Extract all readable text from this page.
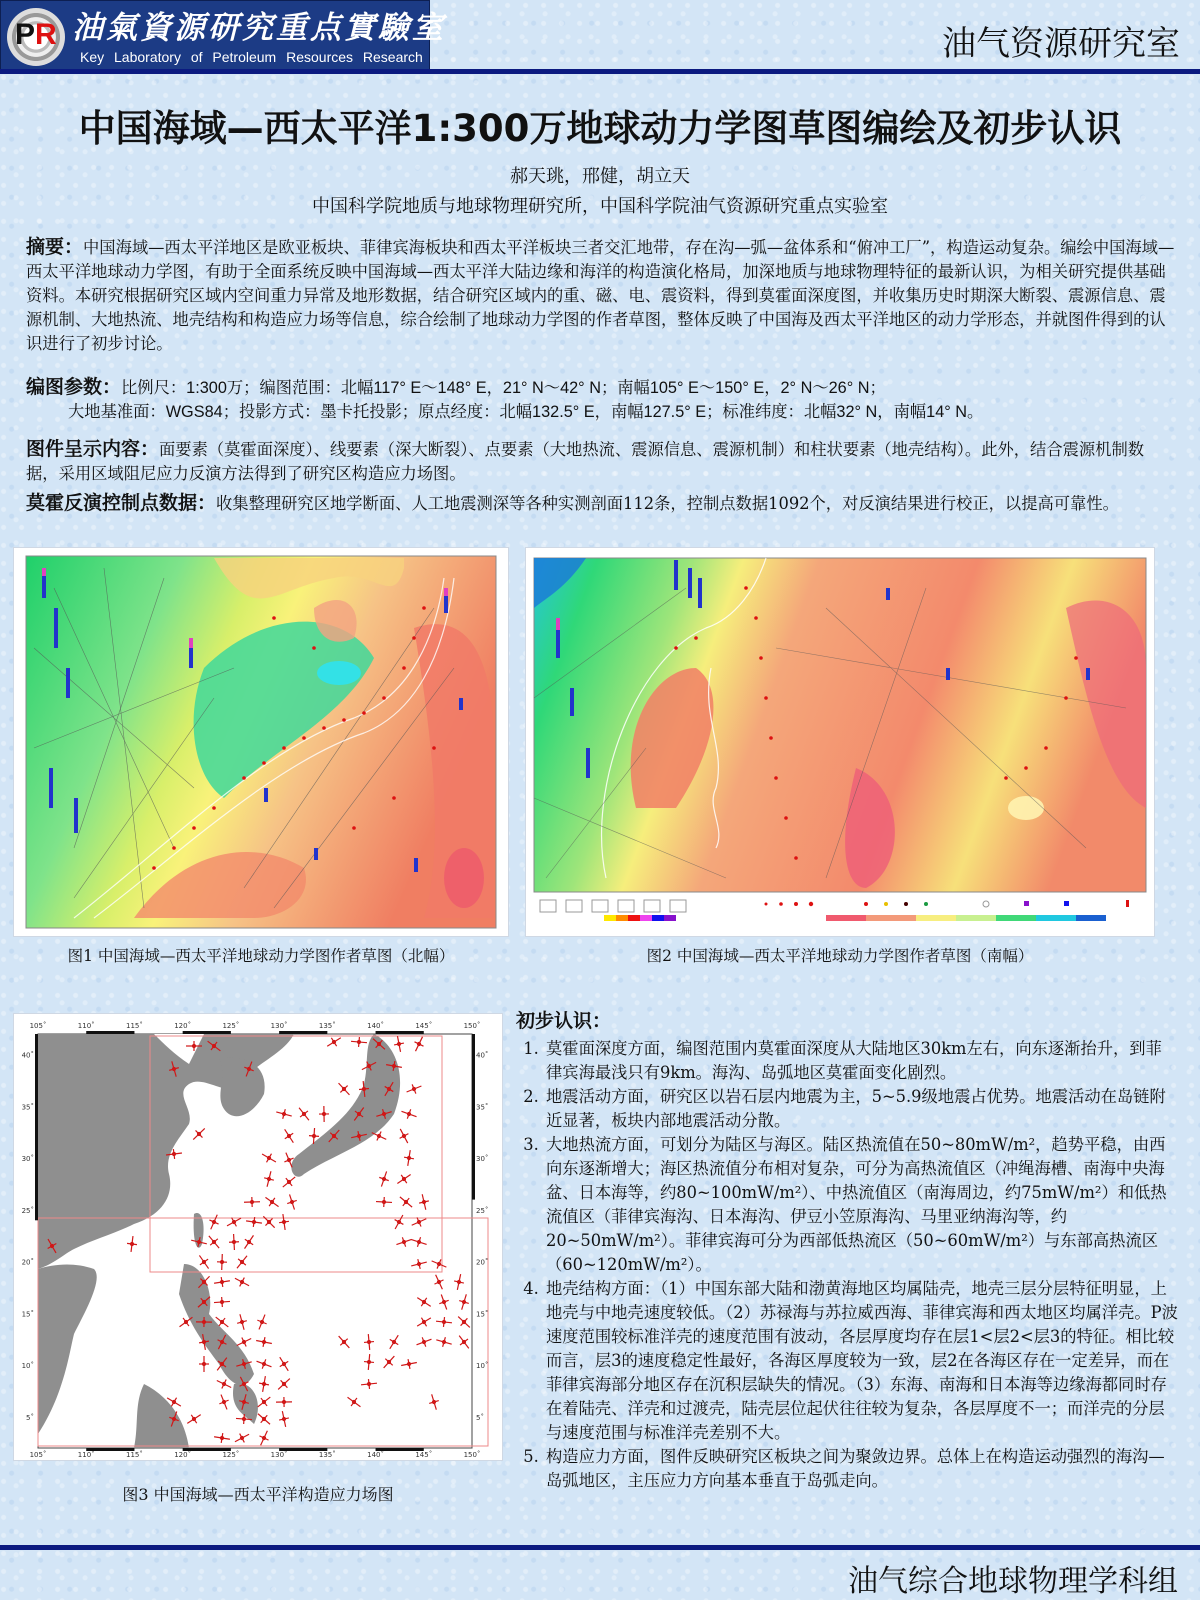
P R 油氣資源研究重点實驗室
Key Laboratory of Petroleum Resources Research	油气资源研究室
中国海域—西太平洋1:300万地球动力学图草图编绘及初步认识
郝天珧，邢健，胡立天
中国科学院地质与地球物理研究所，中国科学院油气资源研究重点实验室
摘要：中国海域—西太平洋地区是欧亚板块、菲律宾海板块和西太平洋板块三者交汇地带，存在沟—弧—盆体系和“俯冲工厂”，构造运动复杂。编绘中国海域—西太平洋地球动力学图，有助于全面系统反映中国海域—西太平洋大陆边缘和海洋的构造演化格局，加深地质与地球物理特征的最新认识，为相关研究提供基础资料。本研究根据研究区域内空间重力异常及地形数据，结合研究区域内的重、磁、电、震资料，得到莫霍面深度图，并收集历史时期深大断裂、震源信息、震源机制、大地热流、地壳结构和构造应力场等信息，综合绘制了地球动力学图的作者草图，整体反映了中国海及西太平洋地区的动力学形态，并就图件得到的认识进行了初步讨论。
编图参数：比例尺：1:300万；编图范围：北幅117° E～148° E，21° N～42° N；南幅105° E～150° E，2° N～26° N；
大地基准面：WGS84；投影方式：墨卡托投影；原点经度：北幅132.5° E，南幅127.5° E；标准纬度：北幅32° N，南幅14° N。
图件呈示内容：面要素（莫霍面深度）、线要素（深大断裂）、点要素（大地热流、震源信息、震源机制）和柱状要素（地壳结构）。此外，结合震源机制数据，采用区域阻尼应力反演方法得到了研究区构造应力场图。
莫霍反演控制点数据：收集整理研究区地学断面、人工地震测深等各种实测剖面112条，控制点数据1092个，对反演结果进行校正，以提高可靠性。
图1 中国海域—西太平洋地球动力学图作者草图（北幅）	图2 中国海域—西太平洋地球动力学图作者草图（南幅）
105˚	110˚	115˚	120˚	125˚	130˚	135˚	140˚	145˚	150˚
105˚	110˚	115˚	120˚	125˚	130˚	135˚	140˚	145˚	150˚
40˚
35˚
30˚
25˚
20˚
15˚
10˚
5˚
40˚
35˚
30˚
25˚
20˚
15˚
10˚
5˚
图3 中国海域—西太平洋构造应力场图
初步认识：
1. 莫霍面深度方面，编图范围内莫霍面深度从大陆地区30km左右，向东逐渐抬升，到菲律宾海最浅只有9km。海沟、岛弧地区莫霍面变化剧烈。
2. 地震活动方面，研究区以岩石层内地震为主，5~5.9级地震占优势。地震活动在岛链附近显著，板块内部地震活动分散。
3. 大地热流方面，可划分为陆区与海区。陆区热流值在50~80mW/m²，趋势平稳，由西向东逐渐增大；海区热流值分布相对复杂，可分为高热流值区（冲绳海槽、南海中央海盆、日本海等，约80~100mW/m²）、中热流值区（南海周边，约75mW/m²）和低热流值区（菲律宾海沟、日本海沟、伊豆小笠原海沟、马里亚纳海沟等，约20~50mW/m²）。菲律宾海可分为西部低热流区（50~60mW/m²）与东部高热流区（60~120mW/m²）。
4. 地壳结构方面：（1）中国东部大陆和渤黄海地区均属陆壳，地壳三层分层特征明显，上地壳与中地壳速度较低。（2）苏禄海与苏拉威西海、菲律宾海和西太地区均属洋壳。P波速度范围较标准洋壳的速度范围有波动，各层厚度均存在层1<层2<层3的特征。相比较而言，层3的速度稳定性最好，各海区厚度较为一致，层2在各海区存在一定差异，而在菲律宾海部分地区存在沉积层缺失的情况。（3）东海、南海和日本海等边缘海都同时存在着陆壳、洋壳和过渡壳，陆壳层位起伏往往较为复杂，各层厚度不一；而洋壳的分层与速度范围与标准洋壳差别不大。
5. 构造应力方面，图件反映研究区板块之间为聚敛边界。总体上在构造运动强烈的海沟—岛弧地区，主压应力方向基本垂直于岛弧走向。
油气综合地球物理学科组
